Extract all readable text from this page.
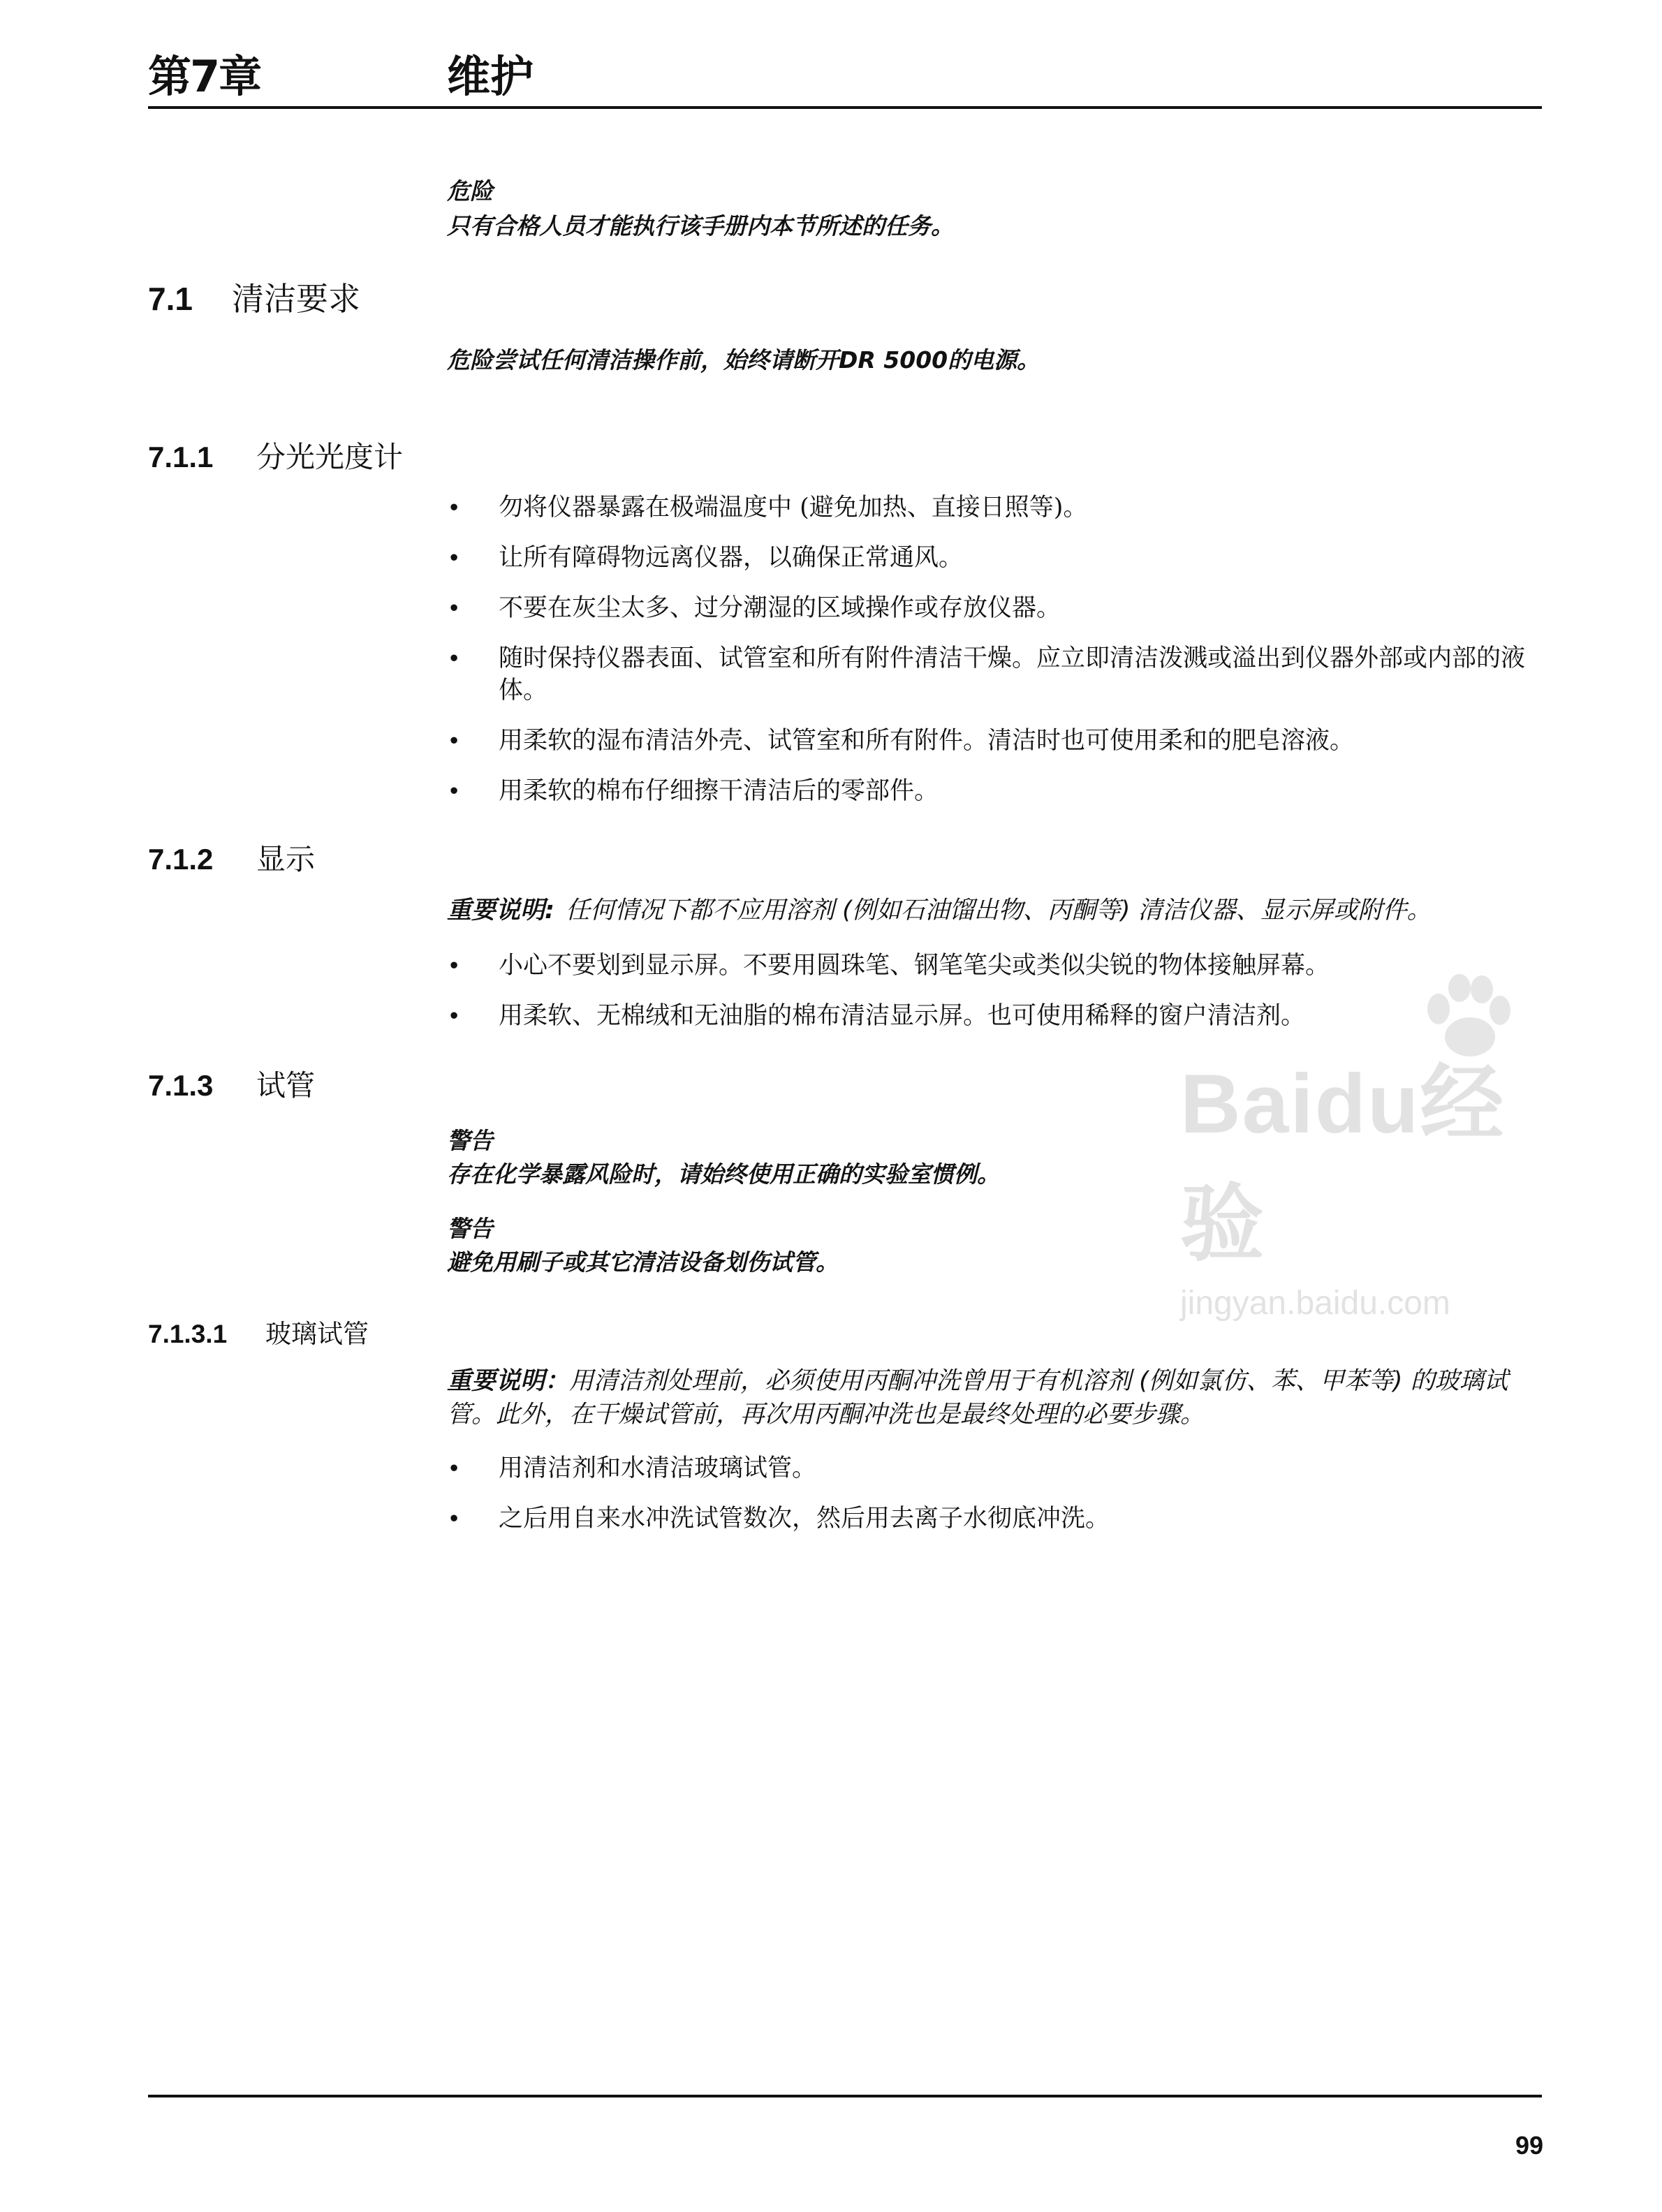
第7章	维护
危险
只有合格人员才能执行该手册内本节所述的任务。
7.1 清洁要求
危险尝试任何清洁操作前，始终请断开DR 5000的电源。
7.1.1 分光光度计
• 勿将仪器暴露在极端温度中 (避免加热、直接日照等)。
• 让所有障碍物远离仪器，以确保正常通风。
• 不要在灰尘太多、过分潮湿的区域操作或存放仪器。
• 随时保持仪器表面、试管室和所有附件清洁干燥。应立即清洁泼溅或溢出到仪器外部或内部的液体。
• 用柔软的湿布清洁外壳、试管室和所有附件。清洁时也可使用柔和的肥皂溶液。
• 用柔软的棉布仔细擦干清洁后的零部件。
7.1.2 显示
重要说明: 任何情况下都不应用溶剂 (例如石油馏出物、丙酮等) 清洁仪器、显示屏或附件。
• 小心不要划到显示屏。不要用圆珠笔、钢笔笔尖或类似尖锐的物体接触屏幕。
• 用柔软、无棉绒和无油脂的棉布清洁显示屏。也可使用稀释的窗户清洁剂。
7.1.3 试管
警告
存在化学暴露风险时，请始终使用正确的实验室惯例。
警告
避免用刷子或其它清洁设备划伤试管。
7.1.3.1 玻璃试管
重要说明：用清洁剂处理前，必须使用丙酮冲洗曾用于有机溶剂 (例如氯仿、苯、甲苯等) 的玻璃试管。此外，在干燥试管前，再次用丙酮冲洗也是最终处理的必要步骤。
• 用清洁剂和水清洁玻璃试管。
• 之后用自来水冲洗试管数次，然后用去离子水彻底冲洗。
Baidu经验
jingyan.baidu.com
99
